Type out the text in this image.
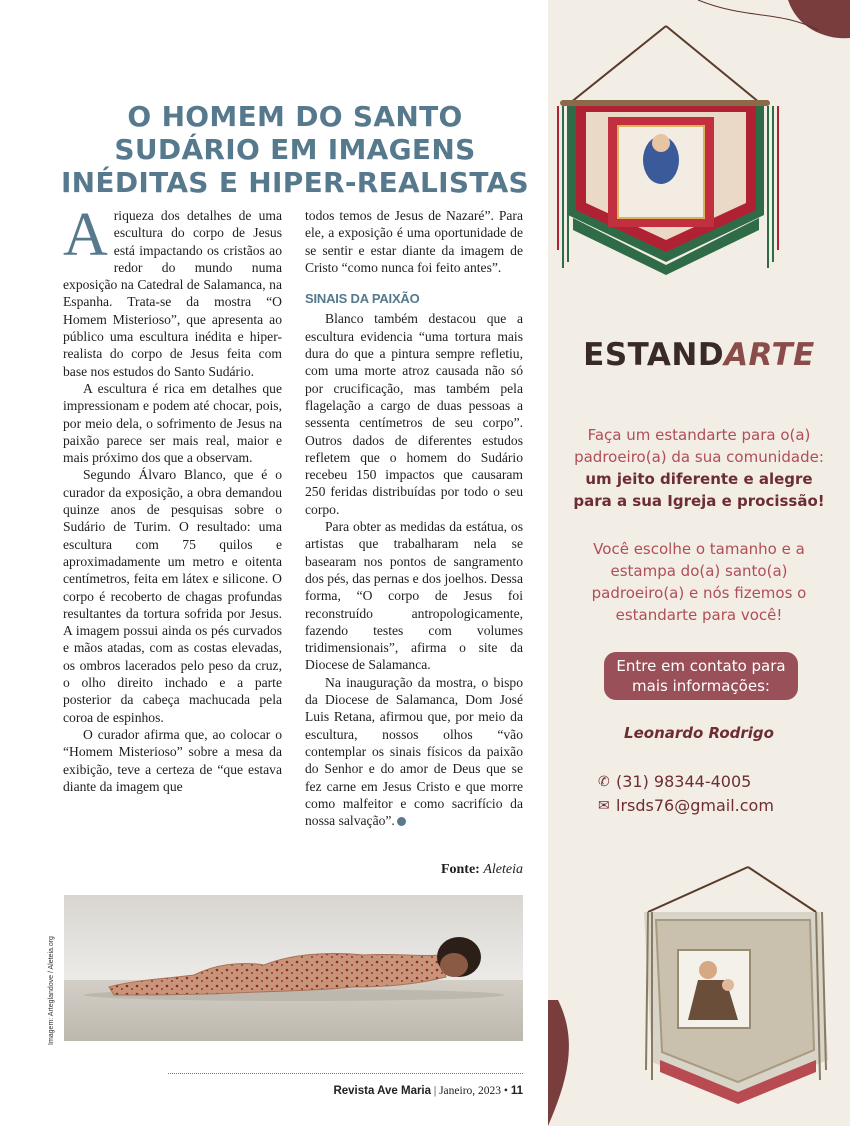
O HOMEM DO SANTO
SUDÁRIO EM IMAGENS
INÉDITAS E HIPER-REALISTAS

A riqueza dos detalhes de uma escultura do corpo de Jesus está impactando os cristãos ao redor do mundo numa exposição na Catedral de Salamanca, na Espanha. Trata-se da mostra “O Homem Misterioso”, que apresenta ao público uma escultura inédita e hiper-realista do corpo de Jesus feita com base nos estudos do Santo Sudário.

A escultura é rica em detalhes que impressionam e podem até chocar, pois, por meio dela, o sofrimento de Jesus na paixão parece ser mais real, maior e mais próximo dos que a observam.

Segundo Álvaro Blanco, que é o curador da exposição, a obra demandou quinze anos de pesquisas sobre o Sudário de Turim. O resultado: uma escultura com 75 quilos e aproximadamente um metro e oitenta centímetros, feita em látex e silicone. O corpo é recoberto de chagas profundas resultantes da tortura sofrida por Jesus. A imagem possui ainda os pés curvados e mãos atadas, com as costas elevadas, os ombros lacerados pelo peso da cruz, o olho direito inchado e a parte posterior da cabeça machucada pela coroa de espinhos.

O curador afirma que, ao colocar o “Homem Misterioso” sobre a mesa da exibição, teve a certeza de “que estava diante da imagem que

todos temos de Jesus de Nazaré”. Para ele, a exposição é uma oportunidade de se sentir e estar diante da imagem de Cristo “como nunca foi feito antes”.

SINAIS DA PAIXÃO

Blanco também destacou que a escultura evidencia “uma tortura mais dura do que a pintura sempre refletiu, com uma morte atroz causada não só por crucificação, mas também pela flagelação a cargo de duas pessoas a sessenta centímetros de seu corpo”. Outros dados de diferentes estudos refletem que o homem do Sudário recebeu 150 impactos que causaram 250 feridas distribuídas por todo o seu corpo.

Para obter as medidas da estátua, os artistas que trabalharam nela se basearam nos pontos de sangramento dos pés, das pernas e dos joelhos. Dessa forma, “O corpo de Jesus foi reconstruído antropologicamente, fazendo testes com volumes tridimensionais”, afirma o site da Diocese de Salamanca.

Na inauguração da mostra, o bispo da Diocese de Salamanca, Dom José Luis Retana, afirmou que, por meio da escultura, nossos olhos “vão contemplar os sinais físicos da paixão do Senhor e do amor de Deus que se fez carne em Jesus Cristo e que morre como malfeitor e como sacrifício da nossa salvação”.

Fonte: Aleteia
Imagem: Arteglandove / Aleteia.org
Revista Ave Maria | Janeiro, 2023 • 11
ESTANDARTE
Faça um estandarte para o(a) padroeiro(a) da sua comunidade:
um jeito diferente e alegre para a sua Igreja e procissão!
Você escolhe o tamanho e a estampa do(a) santo(a) padroeiro(a) e nós fizemos o estandarte para você!
Entre em contato para mais informações:
Leonardo Rodrigo
✆ (31) 98344-4005
✉ lrsds76@gmail.com
